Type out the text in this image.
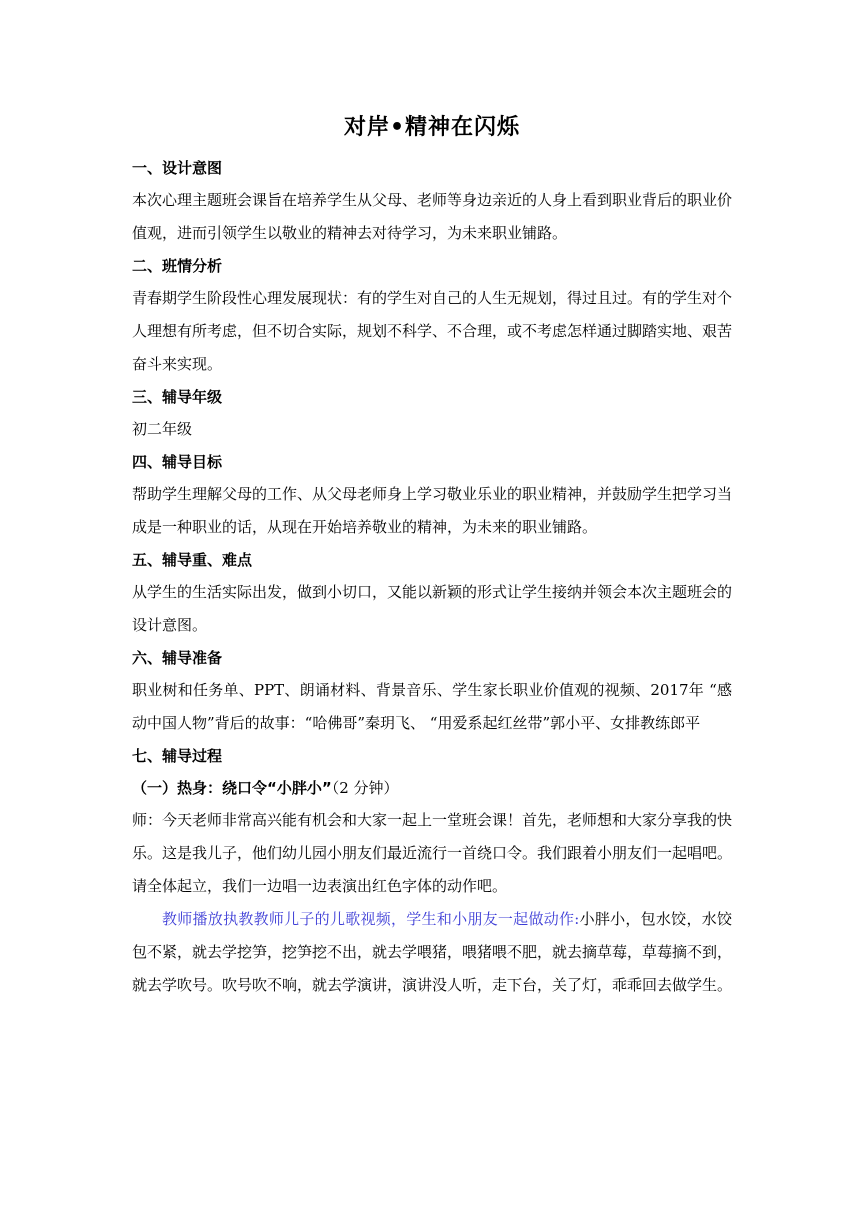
对岸•精神在闪烁

一、设计意图

本次心理主题班会课旨在培养学生从父母、老师等身边亲近的人身上看到职业背后的职业价值观，进而引领学生以敬业的精神去对待学习，为未来职业铺路。

二、班情分析

青春期学生阶段性心理发展现状：有的学生对自己的人生无规划，得过且过。有的学生对个人理想有所考虑，但不切合实际，规划不科学、不合理，或不考虑怎样通过脚踏实地、艰苦奋斗来实现。

三、辅导年级

初二年级

四、辅导目标

帮助学生理解父母的工作、从父母老师身上学习敬业乐业的职业精神，并鼓励学生把学习当成是一种职业的话，从现在开始培养敬业的精神，为未来的职业铺路。

五、辅导重、难点

从学生的生活实际出发，做到小切口，又能以新颖的形式让学生接纳并领会本次主题班会的设计意图。

六、辅导准备

职业树和任务单、PPT、朗诵材料、背景音乐、学生家长职业价值观的视频、2017年 “感动中国人物”背后的故事：“哈佛哥”秦玥飞、 “用爱系起红丝带”郭小平、女排教练郎平

七、辅导过程

（一）热身：绕口令“小胖小”（2 分钟）

师：今天老师非常高兴能有机会和大家一起上一堂班会课！首先，老师想和大家分享我的快乐。这是我儿子，他们幼儿园小朋友们最近流行一首绕口令。我们跟着小朋友们一起唱吧。请全体起立，我们一边唱一边表演出红色字体的动作吧。

教师播放执教教师儿子的儿歌视频，学生和小朋友一起做动作:小胖小，包水饺，水饺包不紧，就去学挖笋，挖笋挖不出，就去学喂猪，喂猪喂不肥，就去摘草莓，草莓摘不到，就去学吹号。吹号吹不响，就去学演讲，演讲没人听，走下台，关了灯，乖乖回去做学生。
